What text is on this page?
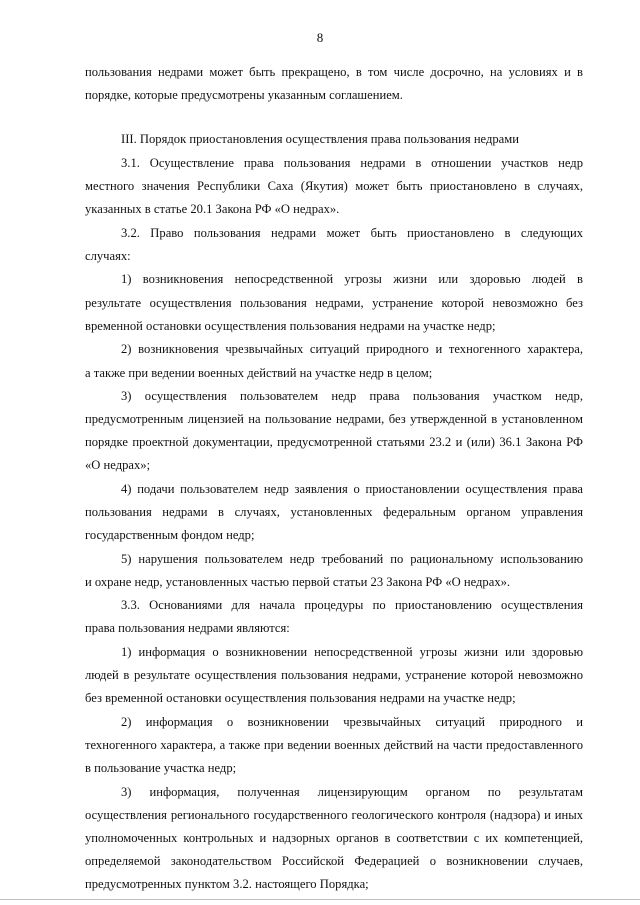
8
пользования недрами может быть прекращено, в том числе досрочно, на условиях и в
порядке, которые предусмотрены указанным соглашением.
III. Порядок приостановления осуществления права пользования недрами
3.1. Осуществление права пользования недрами в отношении участков недр
местного значения Республики Саха (Якутия) может быть приостановлено в случаях,
указанных в статье 20.1 Закона РФ «О недрах».
3.2. Право пользования недрами может быть приостановлено в следующих
случаях:
1) возникновения непосредственной угрозы жизни или здоровью людей в
результате осуществления пользования недрами, устранение которой невозможно без
временной остановки осуществления пользования недрами на участке недр;
2) возникновения чрезвычайных ситуаций природного и техногенного характера,
а также при ведении военных действий на участке недр в целом;
3) осуществления пользователем недр права пользования участком недр,
предусмотренным лицензией на пользование недрами, без утвержденной в установленном
порядке проектной документации, предусмотренной статьями 23.2 и (или) 36.1 Закона РФ
«О недрах»;
4) подачи пользователем недр заявления о приостановлении осуществления права
пользования недрами в случаях, установленных федеральным органом управления
государственным фондом недр;
5) нарушения пользователем недр требований по рациональному использованию
и охране недр, установленных частью первой статьи 23 Закона РФ «О недрах».
3.3. Основаниями для начала процедуры по приостановлению осуществления
права пользования недрами являются:
1) информация о возникновении непосредственной угрозы жизни или здоровью
людей в результате осуществления пользования недрами, устранение которой невозможно
без временной остановки осуществления пользования недрами на участке недр;
2) информация о возникновении чрезвычайных ситуаций природного и
техногенного характера, а также при ведении военных действий на части предоставленного
в пользование участка недр;
3) информация, полученная лицензирующим органом по результатам
осуществления регионального государственного геологического контроля (надзора) и иных
уполномоченных контрольных и надзорных органов в соответствии с их компетенцией,
определяемой законодательством Российской Федерацией о возникновении случаев,
предусмотренных пунктом 3.2. настоящего Порядка;
